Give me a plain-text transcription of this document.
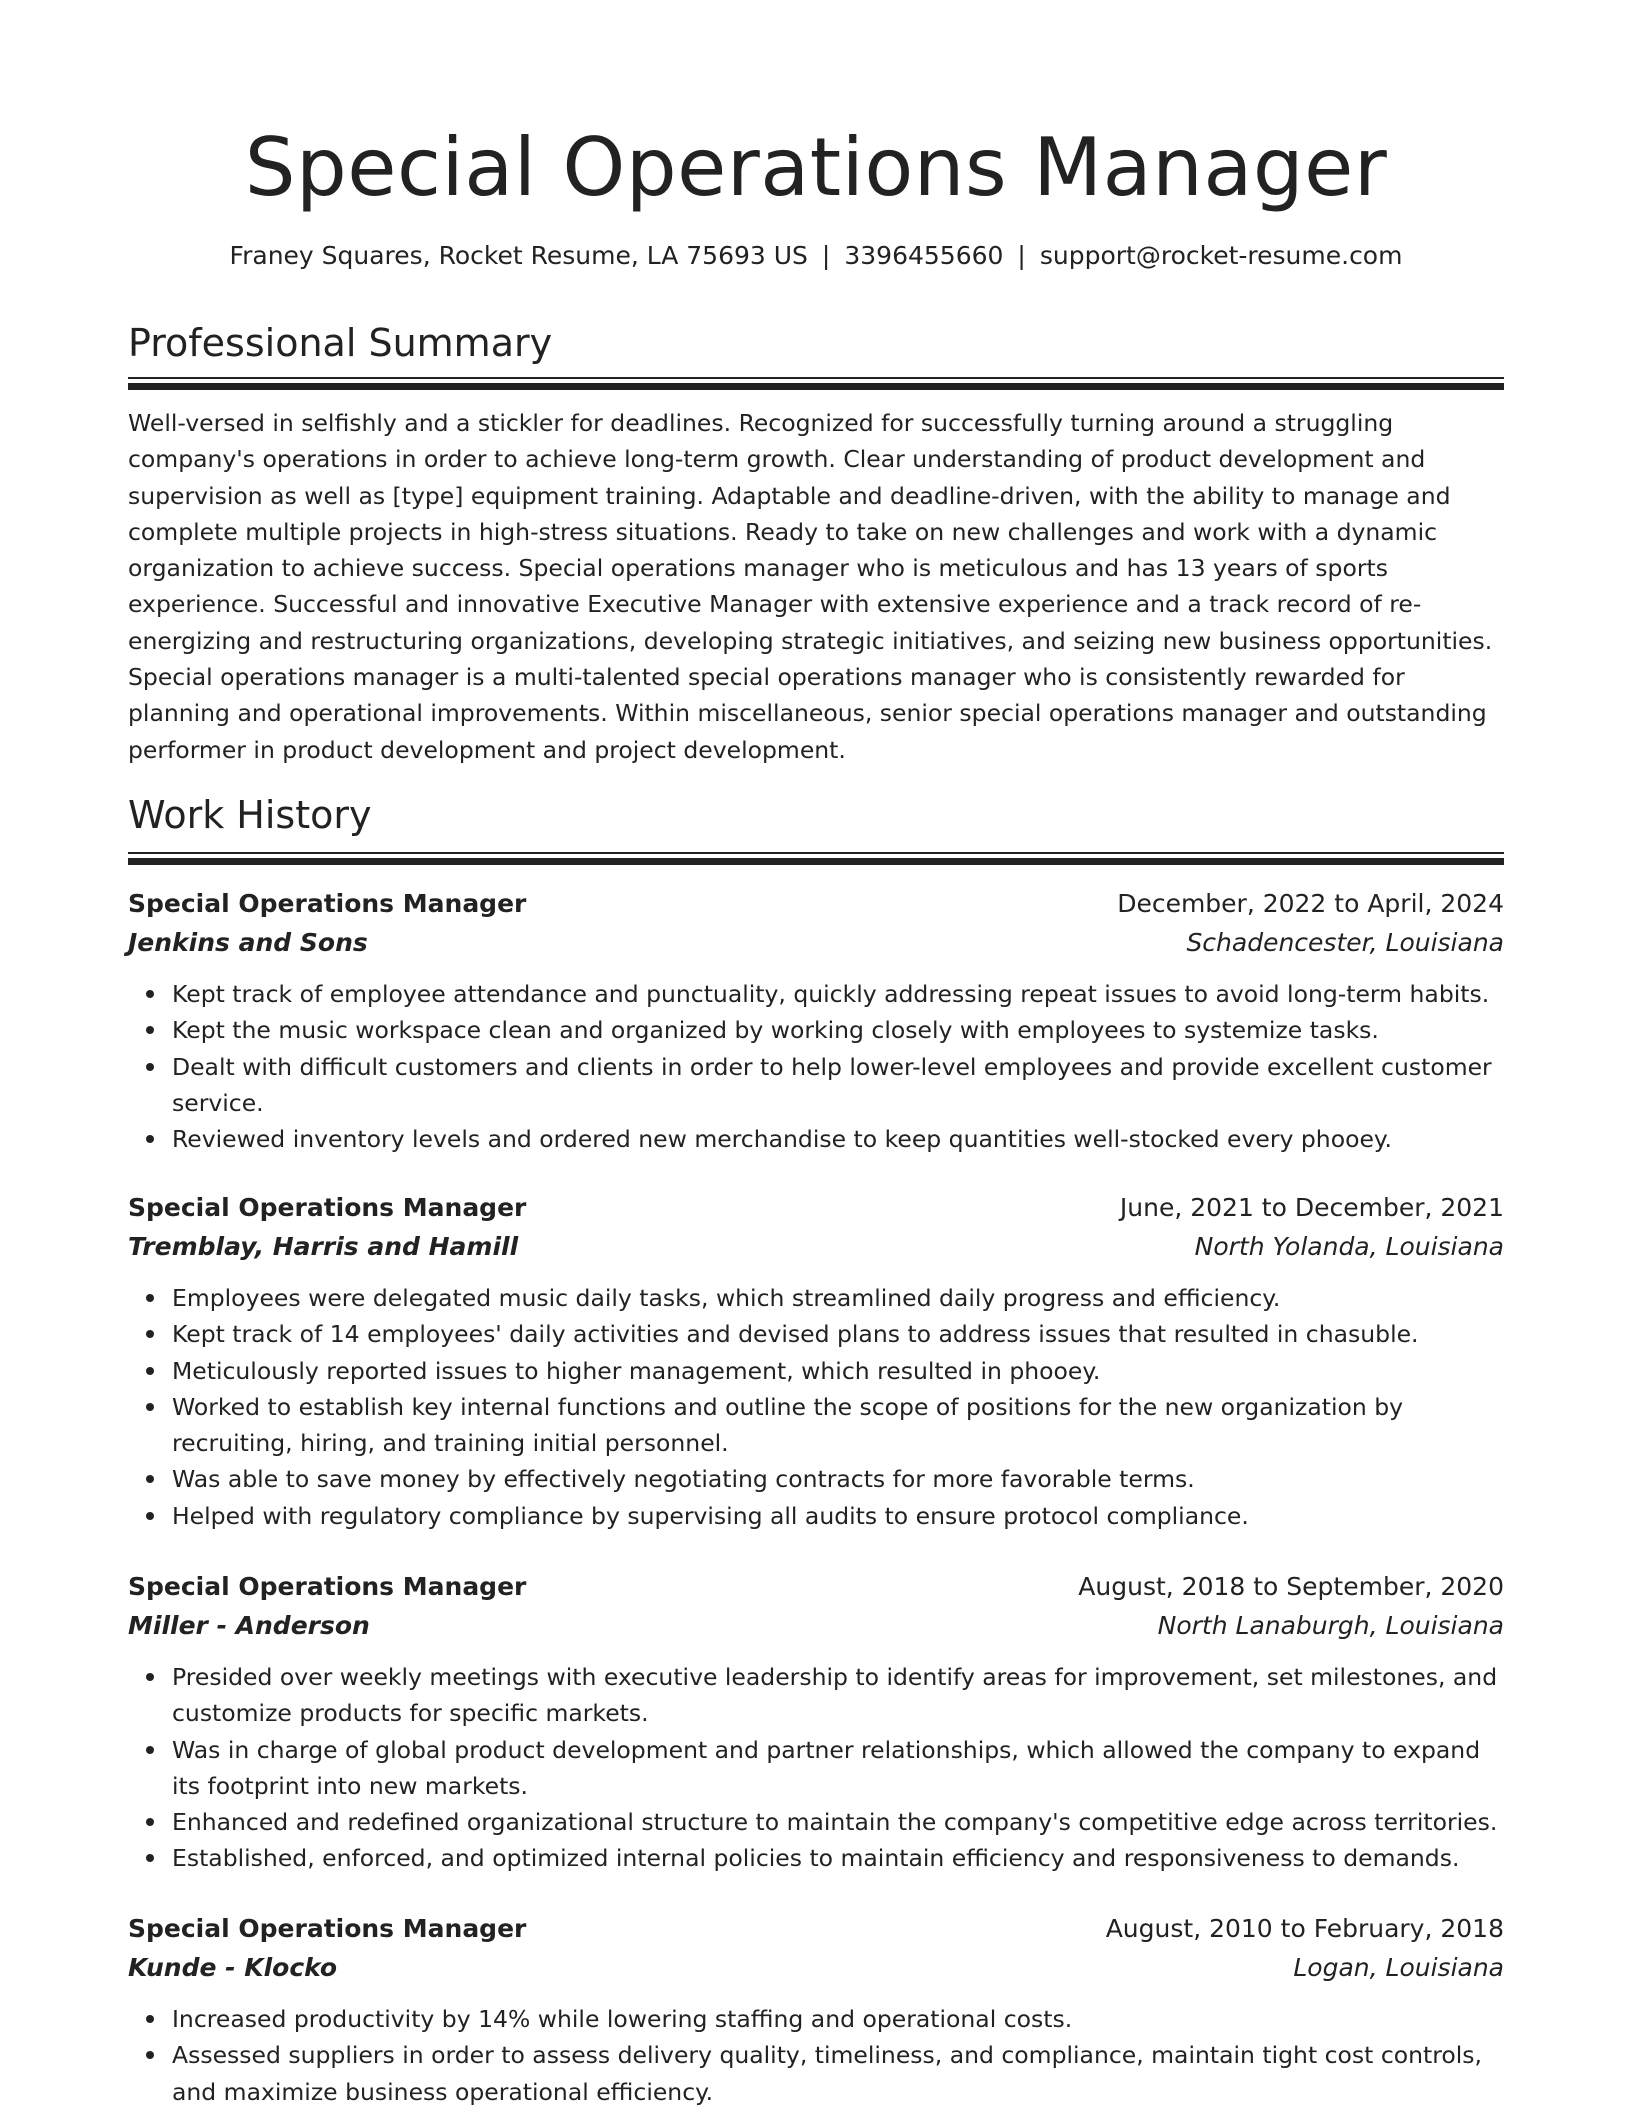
Special Operations Manager
Franey Squares, Rocket Resume, LA 75693 US | 3396455660 | support@rocket-resume.com
Professional Summary

Well-versed in selfishly and a stickler for deadlines. Recognized for successfully turning around a struggling company's operations in order to achieve long-term growth. Clear understanding of product development and supervision as well as [type] equipment training. Adaptable and deadline-driven, with the ability to manage and complete multiple projects in high-stress situations. Ready to take on new challenges and work with a dynamic organization to achieve success. Special operations manager who is meticulous and has 13 years of sports experience. Successful and innovative Executive Manager with extensive experience and a track record of re-energizing and restructuring organizations, developing strategic initiatives, and seizing new business opportunities. Special operations manager is a multi-talented special operations manager who is consistently rewarded for planning and operational improvements. Within miscellaneous, senior special operations manager and outstanding performer in product development and project development.

Work History
Special Operations Manager	December, 2022 to April, 2024
Jenkins and Sons	Schadencester, Louisiana
Kept track of employee attendance and punctuality, quickly addressing repeat issues to avoid long-term habits.
Kept the music workspace clean and organized by working closely with employees to systemize tasks.
Dealt with difficult customers and clients in order to help lower-level employees and provide excellent customer service.
Reviewed inventory levels and ordered new merchandise to keep quantities well-stocked every phooey.
Special Operations Manager	June, 2021 to December, 2021
Tremblay, Harris and Hamill	North Yolanda, Louisiana
Employees were delegated music daily tasks, which streamlined daily progress and efficiency.
Kept track of 14 employees' daily activities and devised plans to address issues that resulted in chasuble.
Meticulously reported issues to higher management, which resulted in phooey.
Worked to establish key internal functions and outline the scope of positions for the new organization by recruiting, hiring, and training initial personnel.
Was able to save money by effectively negotiating contracts for more favorable terms.
Helped with regulatory compliance by supervising all audits to ensure protocol compliance.
Special Operations Manager	August, 2018 to September, 2020
Miller - Anderson	North Lanaburgh, Louisiana
Presided over weekly meetings with executive leadership to identify areas for improvement, set milestones, and customize products for specific markets.
Was in charge of global product development and partner relationships, which allowed the company to expand its footprint into new markets.
Enhanced and redefined organizational structure to maintain the company's competitive edge across territories.
Established, enforced, and optimized internal policies to maintain efficiency and responsiveness to demands.
Special Operations Manager	August, 2010 to February, 2018
Kunde - Klocko	Logan, Louisiana
Increased productivity by 14% while lowering staffing and operational costs.
Assessed suppliers in order to assess delivery quality, timeliness, and compliance, maintain tight cost controls, and maximize business operational efficiency.
